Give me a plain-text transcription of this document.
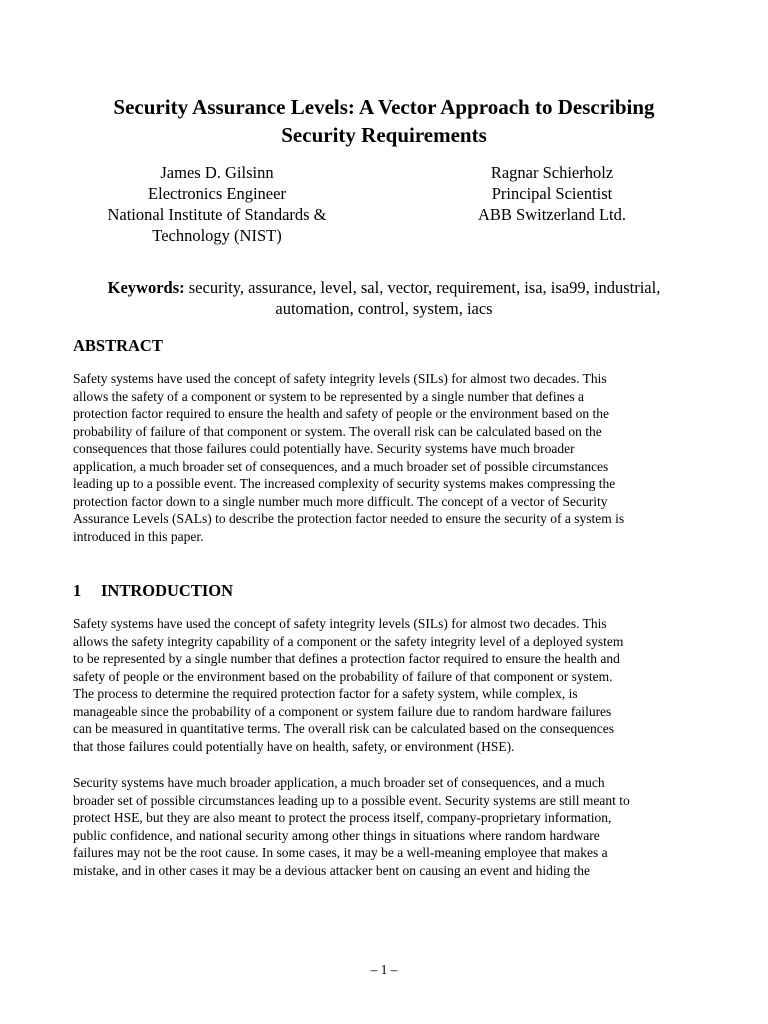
Security Assurance Levels: A Vector Approach to Describing
Security Requirements
James D. Gilsinn
Electronics Engineer
National Institute of Standards &
Technology (NIST)
Ragnar Schierholz
Principal Scientist
ABB Switzerland Ltd.
Keywords: security, assurance, level, sal, vector, requirement, isa, isa99, industrial,
automation, control, system, iacs
ABSTRACT
Safety systems have used the concept of safety integrity levels (SILs) for almost two decades. This
allows the safety of a component or system to be represented by a single number that defines a
protection factor required to ensure the health and safety of people or the environment based on the
probability of failure of that component or system. The overall risk can be calculated based on the
consequences that those failures could potentially have. Security systems have much broader
application, a much broader set of consequences, and a much broader set of possible circumstances
leading up to a possible event. The increased complexity of security systems makes compressing the
protection factor down to a single number much more difficult. The concept of a vector of Security
Assurance Levels (SALs) to describe the protection factor needed to ensure the security of a system is
introduced in this paper.
1 INTRODUCTION
Safety systems have used the concept of safety integrity levels (SILs) for almost two decades. This
allows the safety integrity capability of a component or the safety integrity level of a deployed system
to be represented by a single number that defines a protection factor required to ensure the health and
safety of people or the environment based on the probability of failure of that component or system.
The process to determine the required protection factor for a safety system, while complex, is
manageable since the probability of a component or system failure due to random hardware failures
can be measured in quantitative terms. The overall risk can be calculated based on the consequences
that those failures could potentially have on health, safety, or environment (HSE).
Security systems have much broader application, a much broader set of consequences, and a much
broader set of possible circumstances leading up to a possible event. Security systems are still meant to
protect HSE, but they are also meant to protect the process itself, company-proprietary information,
public confidence, and national security among other things in situations where random hardware
failures may not be the root cause. In some cases, it may be a well-meaning employee that makes a
mistake, and in other cases it may be a devious attacker bent on causing an event and hiding the
– 1 –
